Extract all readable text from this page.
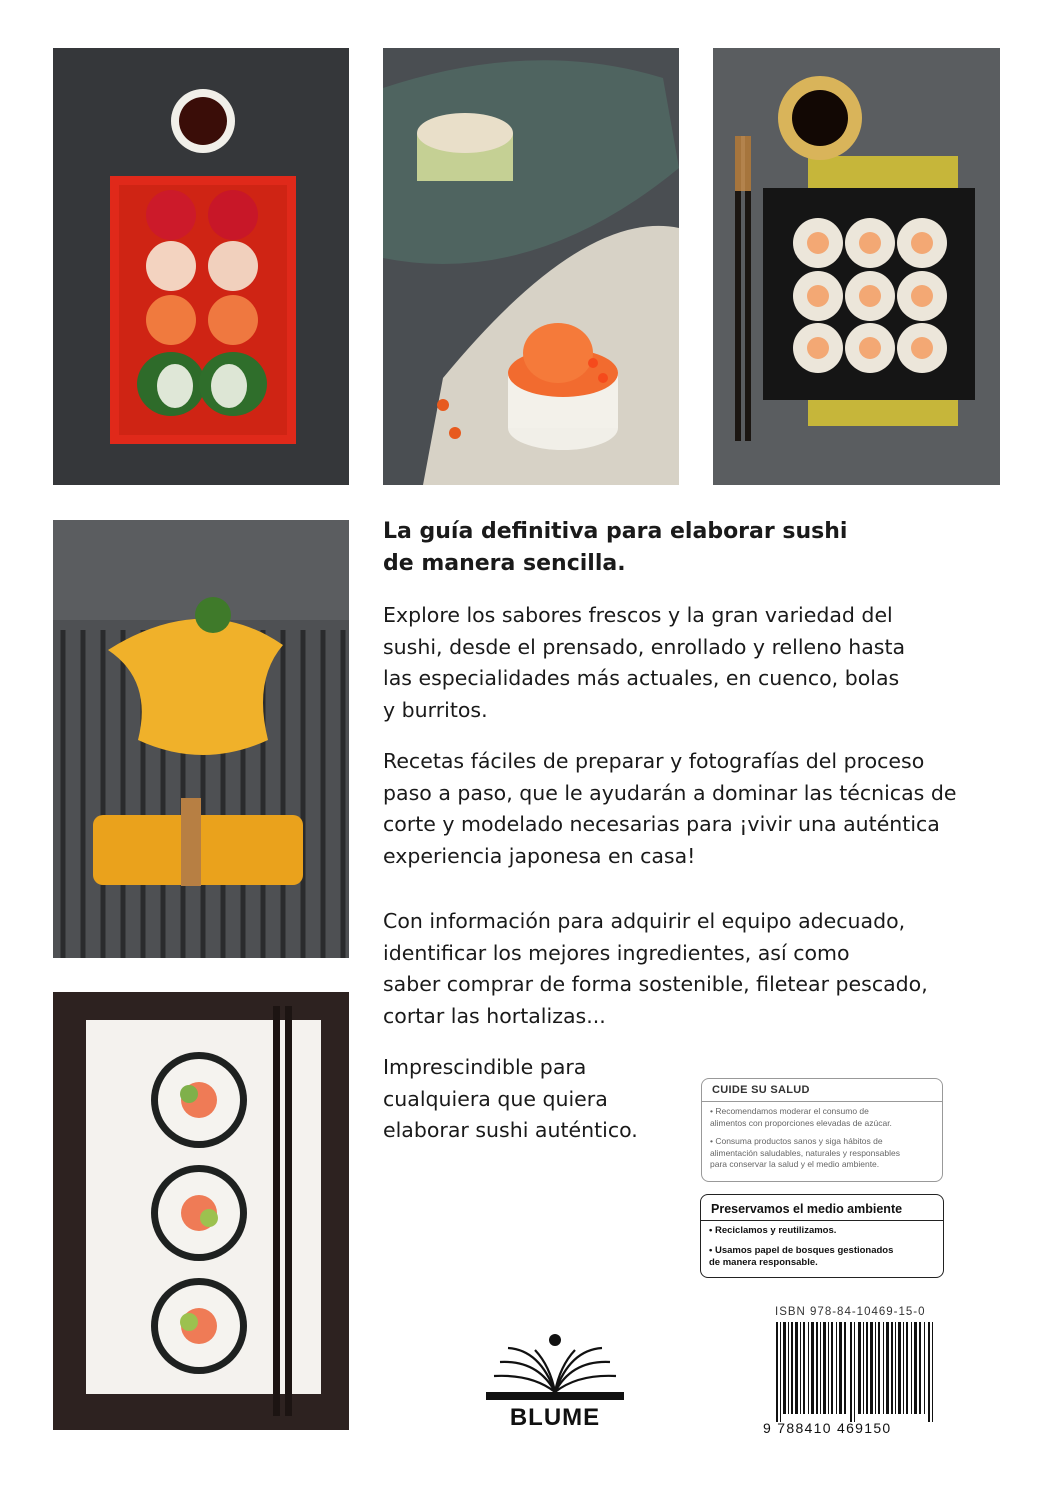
La guía definitiva para elaborar sushi
de manera sencilla.
Explore los sabores frescos y la gran variedad del
sushi, desde el prensado, enrollado y relleno hasta
las especialidades más actuales, en cuenco, bolas
y burritos.
Recetas fáciles de preparar y fotografías del proceso
paso a paso, que le ayudarán a dominar las técnicas de
corte y modelado necesarias para ¡vivir una auténtica
experiencia japonesa en casa!
Con información para adquirir el equipo adecuado,
identificar los mejores ingredientes, así como
saber comprar de forma sostenible, filetear pescado,
cortar las hortalizas...
Imprescindible para
cualquiera que quiera
elaborar sushi auténtico.
CUIDE SU SALUD
• Recomendamos moderar el consumo de
alimentos con proporciones elevadas de azúcar.
• Consuma productos sanos y siga hábitos de
alimentación saludables, naturales y responsables
para conservar la salud y el medio ambiente.
Preservamos el medio ambiente
• Reciclamos y reutilizamos.
• Usamos papel de bosques gestionados
de manera responsable.
BLUME
ISBN 978-84-10469-15-0
9 788410 469150
